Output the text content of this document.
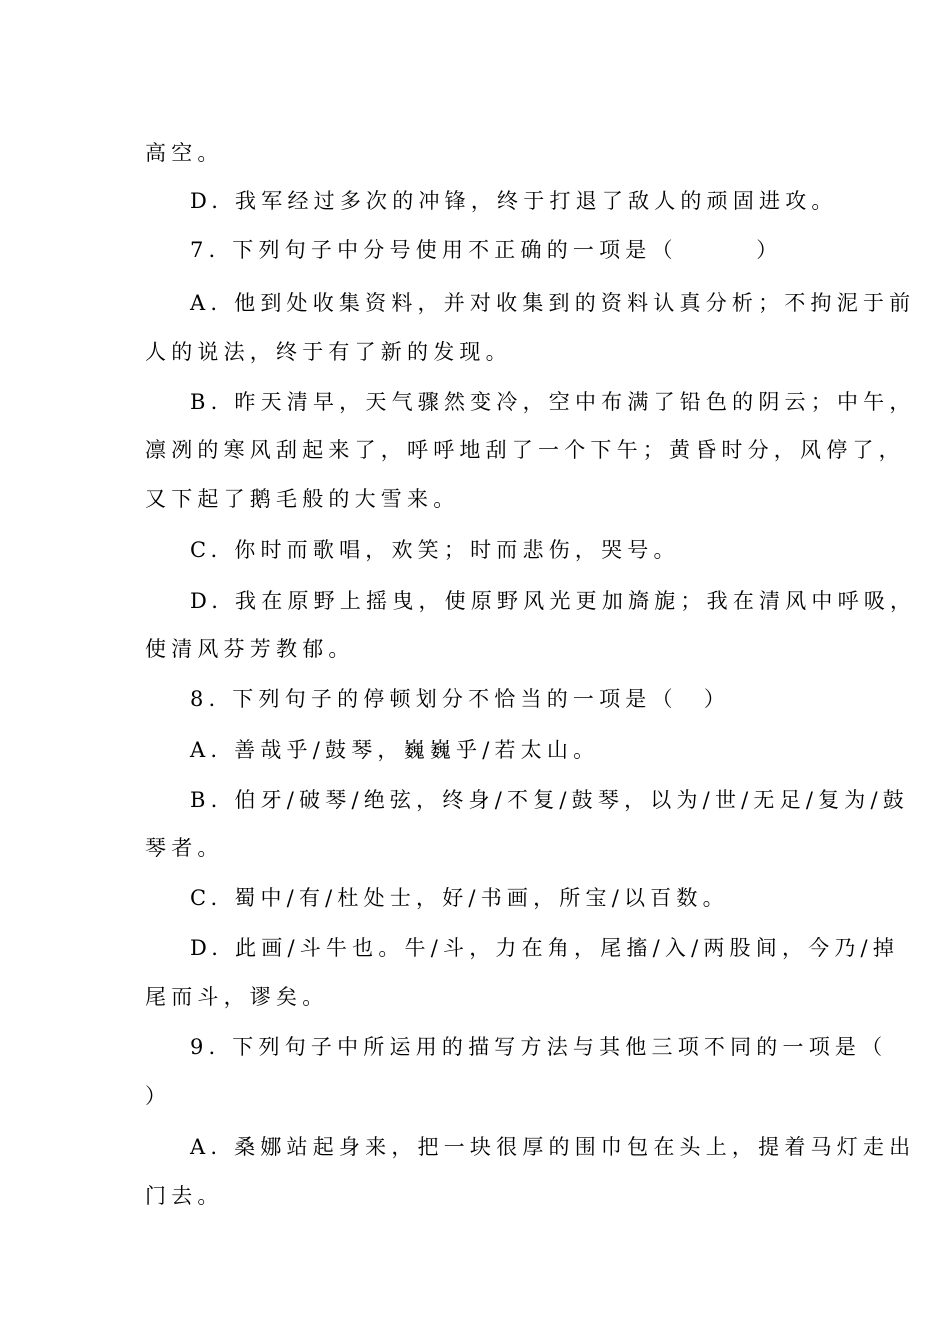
高空。
D. 我军经过多次的冲锋，终于打退了敌人的顽固进攻。
7. 下列句子中分号使用不正确的一项是（　　　）
A. 他到处收集资料，并对收集到的资料认真分析；不拘泥于前
人的说法，终于有了新的发现。
B. 昨天清早，天气骤然变冷，空中布满了铅色的阴云；中午，
凛冽的寒风刮起来了，呼呼地刮了一个下午；黄昏时分，风停了，
又下起了鹅毛般的大雪来。
C. 你时而歌唱，欢笑；时而悲伤，哭号。
D. 我在原野上摇曳，使原野风光更加旖旎；我在清风中呼吸，
使清风芬芳教郁。
8. 下列句子的停顿划分不恰当的一项是（　）
A. 善哉乎/鼓琴，巍巍乎/若太山。
B. 伯牙/破琴/绝弦，终身/不复/鼓琴，以为/世/无足/复为/鼓
琴者。
C. 蜀中/有/杜处士，好/书画，所宝/以百数。
D. 此画/斗牛也。牛/斗，力在角，尾搐/入/两股间，今乃/掉
尾而斗，谬矣。
9. 下列句子中所运用的描写方法与其他三项不同的一项是（
）
A. 桑娜站起身来，把一块很厚的围巾包在头上，提着马灯走出
门去。
